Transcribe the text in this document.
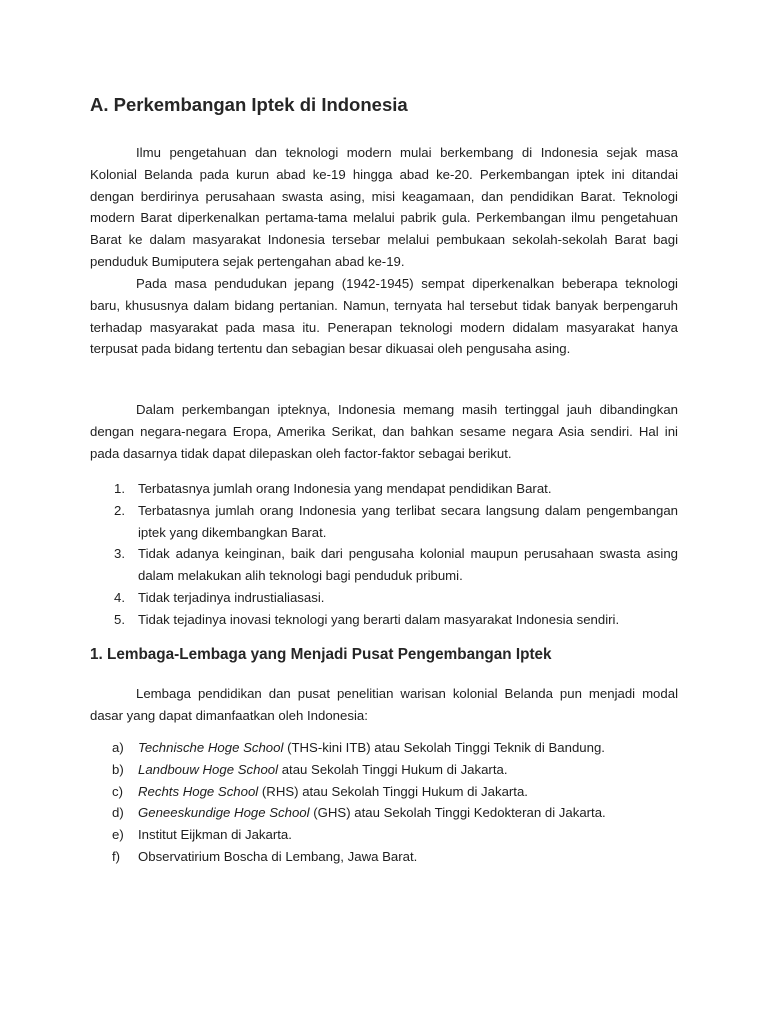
A. Perkembangan Iptek di Indonesia

Ilmu pengetahuan dan teknologi modern mulai berkembang di Indonesia sejak masa Kolonial Belanda pada kurun abad ke-19 hingga abad ke-20. Perkembangan iptek ini ditandai dengan berdirinya perusahaan swasta asing, misi keagamaan, dan pendidikan Barat. Teknologi modern Barat diperkenalkan pertama-tama melalui pabrik gula. Perkembangan ilmu pengetahuan Barat ke dalam masyarakat Indonesia tersebar melalui pembukaan sekolah-sekolah Barat bagi penduduk Bumiputera sejak pertengahan abad ke-19.

Pada masa pendudukan jepang (1942-1945) sempat diperkenalkan beberapa teknologi baru, khususnya dalam bidang pertanian. Namun, ternyata hal tersebut tidak banyak berpengaruh terhadap masyarakat pada masa itu. Penerapan teknologi modern didalam masyarakat hanya terpusat pada bidang tertentu dan sebagian besar dikuasai oleh pengusaha asing.

Dalam perkembangan ipteknya, Indonesia memang masih tertinggal jauh dibandingkan dengan negara-negara Eropa, Amerika Serikat, dan bahkan sesame negara Asia sendiri. Hal ini pada dasarnya tidak dapat dilepaskan oleh factor-faktor sebagai berikut.

1. Terbatasnya jumlah orang Indonesia yang mendapat pendidikan Barat.
2. Terbatasnya jumlah orang Indonesia yang terlibat secara langsung dalam pengembangan iptek yang dikembangkan Barat.
3. Tidak adanya keinginan, baik dari pengusaha kolonial maupun perusahaan swasta asing dalam melakukan alih teknologi bagi penduduk pribumi.
4. Tidak terjadinya indrustialiasasi.
5. Tidak tejadinya inovasi teknologi yang berarti dalam masyarakat Indonesia sendiri.
1. Lembaga-Lembaga yang Menjadi Pusat Pengembangan Iptek

Lembaga pendidikan dan pusat penelitian warisan kolonial Belanda pun menjadi modal dasar yang dapat dimanfaatkan oleh Indonesia:

a) Technische Hoge School (THS-kini ITB) atau Sekolah Tinggi Teknik di Bandung.
b) Landbouw Hoge School atau Sekolah Tinggi Hukum di Jakarta.
c) Rechts Hoge School (RHS) atau Sekolah Tinggi Hukum di Jakarta.
d) Geneeskundige Hoge School (GHS) atau Sekolah Tinggi Kedokteran di Jakarta.
e) Institut Eijkman di Jakarta.
f) Observatirium Boscha di Lembang, Jawa Barat.
